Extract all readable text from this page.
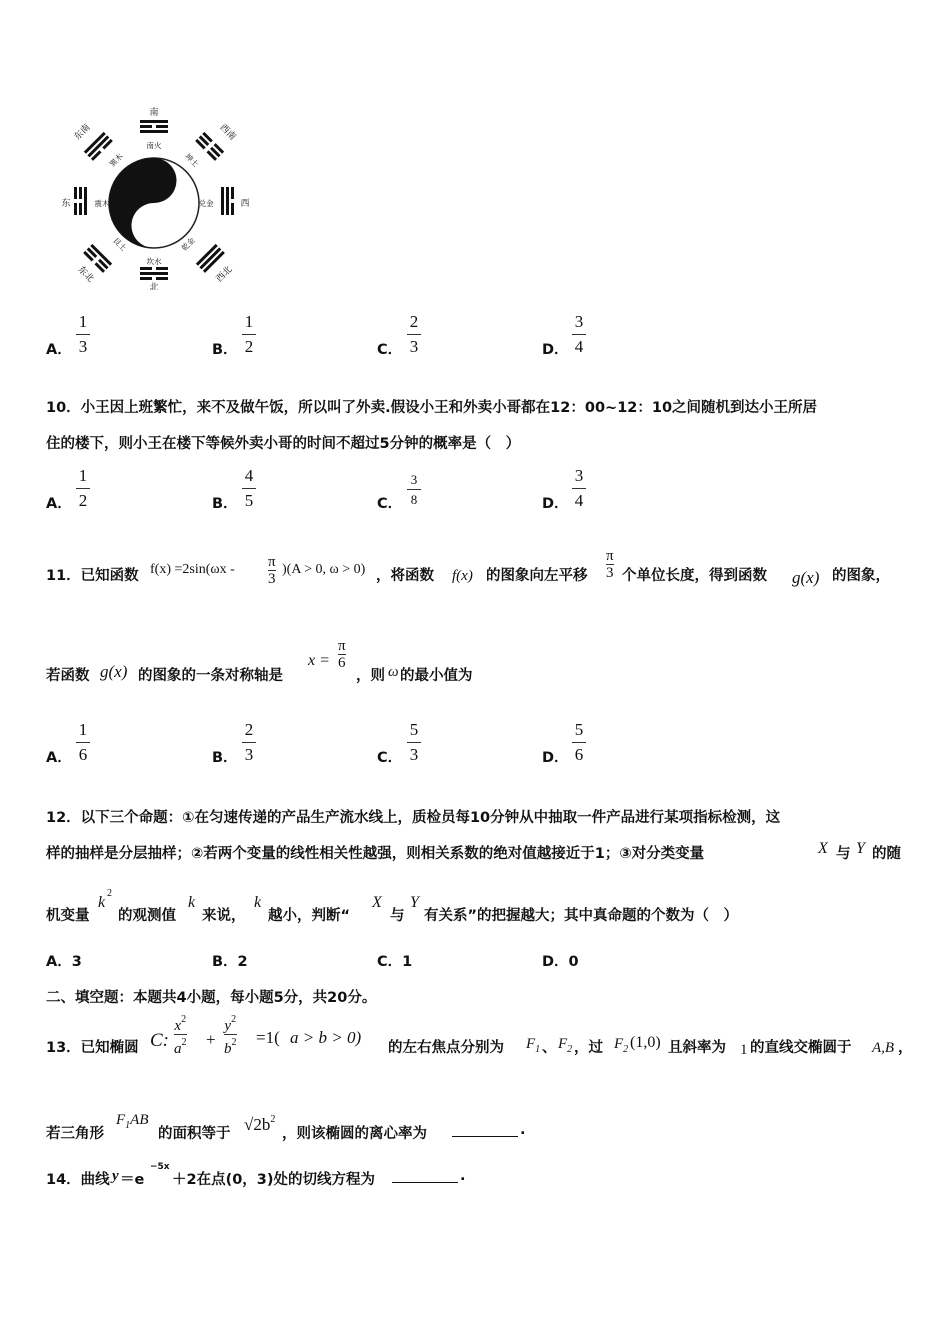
南
北
东	西
东南	西南
东北	西北
南火
坎水
震木	兑金
巽木	坤土
艮土	乾金
A．
1
3	B．
1
2	C．
2
3	D．
3
4
10．小王因上班繁忙，来不及做午饭，所以叫了外卖.假设小王和外卖小哥都在12：00~12：10之间随机到达小王所居
住的楼下，则小王在楼下等候外卖小哥的时间不超过5分钟的概率是（　）
A．
1
2	B．
4
5	C．
3
8	D．
3
4
11．已知函数 f(x) =2sin(ωx - π
3
)(A > 0, ω > 0) ，将函数 f(x) 的图象向左平移
π
3 个单位长度，得到函数 g(x) 的图象，
若函数 g(x) 的图象的一条对称轴是
x =
π
6
，则 ω 的最小值为
A．
1
6	B．
2
3	C．
5
3	D．
5
6
12．以下三个命题：①在匀速传递的产品生产流水线上，质检员每10分钟从中抽取一件产品进行某项指标检测，这
样的抽样是分层抽样；②若两个变量的线性相关性越强，则相关系数的绝对值越接近于1；③对分类变量	X 与 Y 的随
机变量
k
2
的观测值
k
来说，
k
越小，判断“
X
与
Y
有关系”的把握越大；其中真命题的个数为（　）
A．3	B．2	C．1	D．0
二、填空题：本题共4小题，每小题5分，共20分。
13．已知椭圆 C:
$x^2$
$a^2$ +
$y^2$
$b^2 =1$( a > b > 0)
的左右焦点分别为 $F_1$ 、 $F_2$ ，过 $F_2$ (1,0) 且斜率为 1 的直线交椭圆于 A,B ，
若三角形
$F_1AB$
的面积等于 $√2b^2$
，则该椭圆的离心率为	.
14．曲线 y ＝e
−5x
＋2在点(0，3)处的切线方程为	.
